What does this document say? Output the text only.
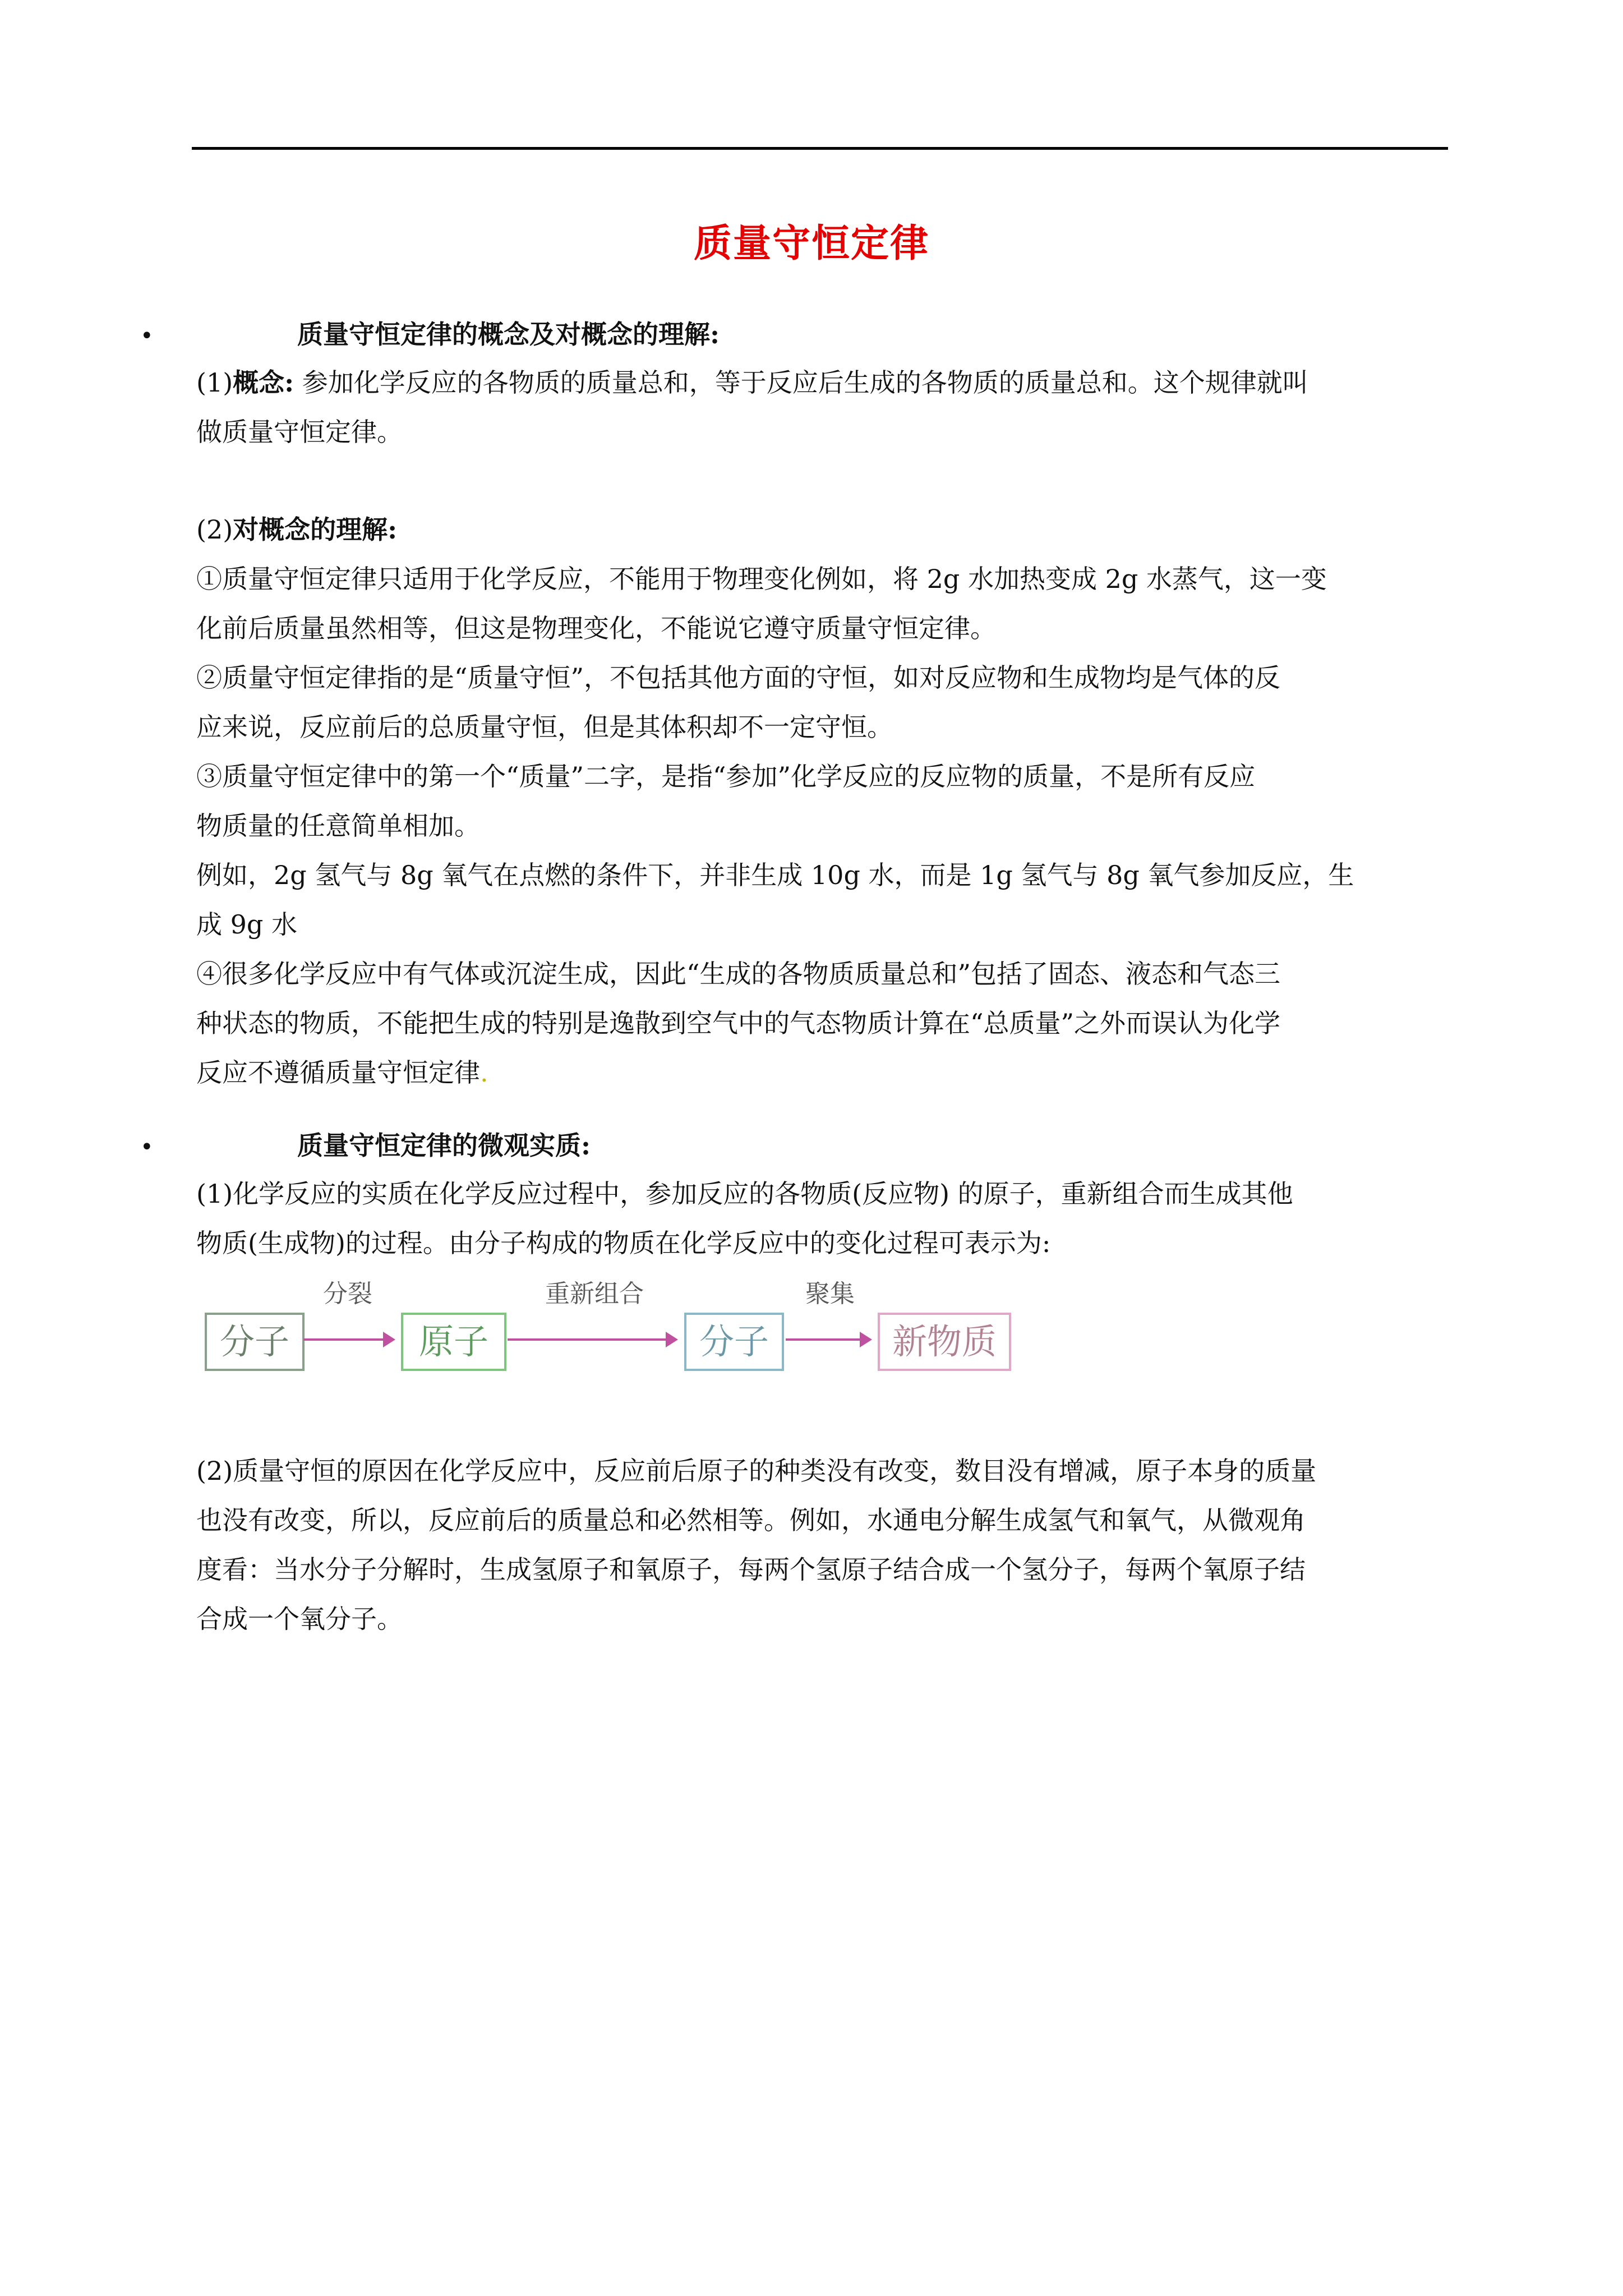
质量守恒定律
•	质量守恒定律的概念及对概念的理解:
(1)概念: 参加化学反应的各物质的质量总和，等于反应后生成的各物质的质量总和。这个规律就叫
做质量守恒定律。
(2)对概念的理解:
①质量守恒定律只适用于化学反应，不能用于物理变化例如，将 2g 水加热变成 2g 水蒸气，这一变
化前后质量虽然相等，但这是物理变化，不能说它遵守质量守恒定律。
②质量守恒定律指的是“质量守恒”，不包括其他方面的守恒，如对反应物和生成物均是气体的反
应来说，反应前后的总质量守恒，但是其体积却不一定守恒。
③质量守恒定律中的第一个“质量”二字，是指“参加”化学反应的反应物的质量，不是所有反应
物质量的任意简单相加。
例如，2g 氢气与 8g 氧气在点燃的条件下，并非生成 10g 水，而是 1g 氢气与 8g 氧气参加反应，生
成 9g 水
④很多化学反应中有气体或沉淀生成，因此“生成的各物质质量总和”包括了固态、液态和气态三
种状态的物质，不能把生成的特别是逸散到空气中的气态物质计算在“总质量”之外而误认为化学
反应不遵循质量守恒定律.
•	质量守恒定律的微观实质:
(1)化学反应的实质在化学反应过程中，参加反应的各物质(反应物) 的原子，重新组合而生成其他
物质(生成物)的过程。由分子构成的物质在化学反应中的变化过程可表示为:
分子
分裂
原子
重新组合
分子
聚集
新物质
(2)质量守恒的原因在化学反应中，反应前后原子的种类没有改变，数目没有增减，原子本身的质量
也没有改变，所以，反应前后的质量总和必然相等。例如，水通电分解生成氢气和氧气，从微观角
度看：当水分子分解时，生成氢原子和氧原子，每两个氢原子结合成一个氢分子，每两个氧原子结
合成一个氧分子。
